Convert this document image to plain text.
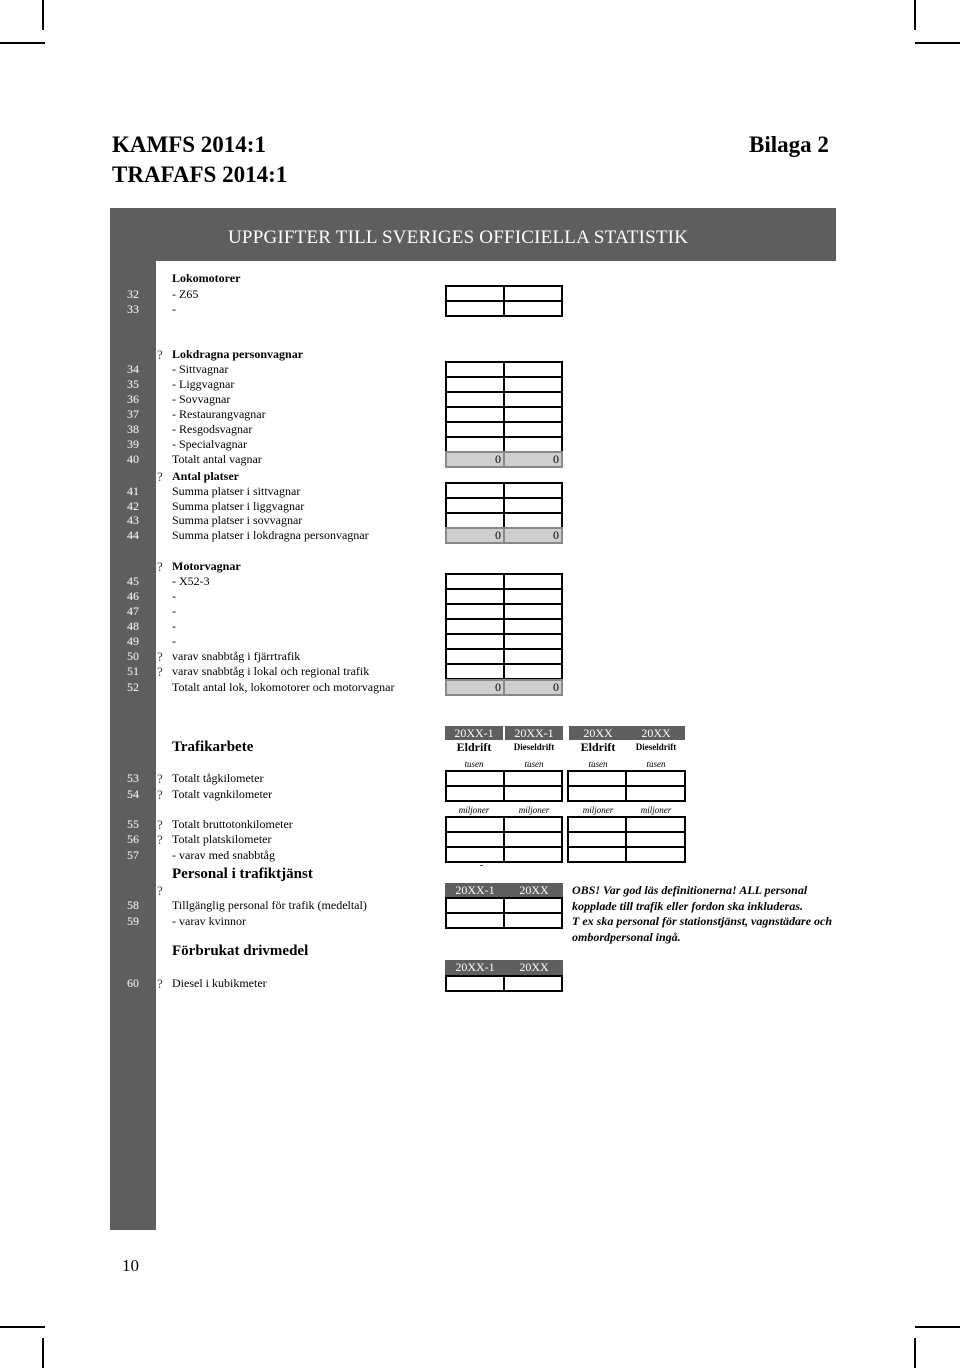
KAMFS 2014:1
TRAFAFS 2014:1
Bilaga 2
UPPGIFTER TILL SVERIGES OFFICIELLA STATISTIK
Lokomotorer
32	- Z65
33	-
? Lokdragna personvagnar
34	- Sittvagnar
35	- Liggvagnar
36	- Sovvagnar
37	- Restaurangvagnar
38	- Resgodsvagnar
39	- Specialvagnar
40	Totalt antal vagnar	0	0
? Antal platser
41	Summa platser i sittvagnar
42	Summa platser i liggvagnar
43	Summa platser i sovvagnar
44	Summa platser i lokdragna personvagnar	0	0
? Motorvagnar
45	- X52-3
46	-
47	-
48	-
49	-
50	? varav snabbtåg i fjärrtrafik
51	? varav snabbtåg i lokal och regional trafik
52	Totalt antal lok, lokomotorer och motorvagnar	0	0
Trafikarbete
20XX-1	20XX-1	20XX	20XX
Eldrift	Dieseldrift	Eldrift	Dieseldrift
tusen	tusen	tusen	tusen
53	? Totalt tågkilometer
54	? Totalt vagnkilometer
miljoner	miljoner	miljoner	miljoner
55	? Totalt bruttotonkilometer
56	? Totalt platskilometer
57	- varav med snabbtåg
-
Personal i trafiktjänst
?	20XX-1	20XX
58	Tillgänglig personal för trafik (medeltal)
59	- varav kvinnor
OBS! Var god läs definitionerna! ALL personal
kopplade till trafik eller fordon ska inkluderas.
T ex ska personal för stationstjänst, vagnstädare och
ombordpersonal ingå.
Förbrukat drivmedel
20XX-1	20XX
60	? Diesel i kubikmeter
10
